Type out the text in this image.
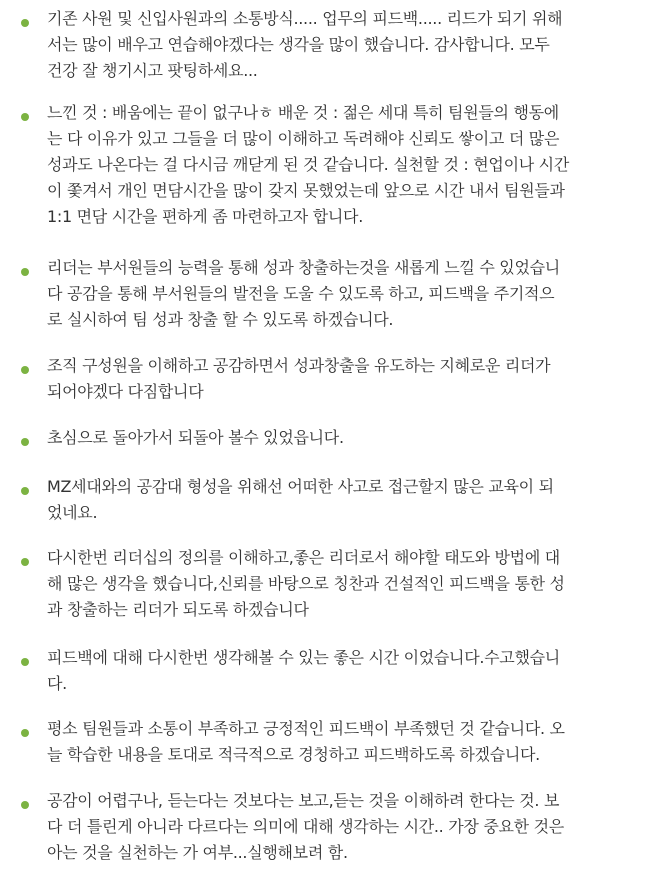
기존 사원 및 신입사원과의 소통방식..... 업무의 피드백..... 리드가 되기 위해
서는 많이 배우고 연습해야겠다는 생각을 많이 했습니다. 감사합니다. 모두
건강 잘 챙기시고 팟팅하세요...

느낀 것 : 배움에는 끝이 없구나ㅎ 배운 것 : 젊은 세대 특히 팀원들의 행동에
는 다 이유가 있고 그들을 더 많이 이해하고 독려해야 신뢰도 쌓이고 더 많은
성과도 나온다는 걸 다시금 깨닫게 된 것 같습니다. 실천할 것 : 현업이나 시간
이 쫓겨서 개인 면담시간을 많이 갖지 못했었는데 앞으로 시간 내서 팀원들과
1:1 면담 시간을 편하게 좀 마련하고자 합니다.

리더는 부서원들의 능력을 통해 성과 창출하는것을 새롭게 느낄 수 있었습니
다 공감을 통해 부서원들의 발전을 도울 수 있도록 하고, 피드백을 주기적으
로 실시하여 팀 성과 창출 할 수 있도록 하겠습니다.

조직 구성원을 이해하고 공감하면서 성과창출을 유도하는 지혜로운 리더가
되어야겠다 다짐합니다

초심으로 돌아가서 되돌아 볼수 있었읍니다.

MZ세대와의 공감대 형성을 위해선 어떠한 사고로 접근할지 많은 교육이 되
었네요.

다시한번 리더십의 정의를 이해하고,좋은 리더로서 해야할 태도와 방법에 대
해 많은 생각을 했습니다,신뢰를 바탕으로 칭찬과 건설적인 피드백을 통한 성
과 창출하는 리더가 되도록 하겠습니다

피드백에 대해 다시한번 생각해볼 수 있는 좋은 시간 이었습니다.수고했습니
다.

평소 팀원들과 소통이 부족하고 긍정적인 피드백이 부족했던 것 같습니다. 오
늘 학습한 내용을 토대로 적극적으로 경청하고 피드백하도록 하겠습니다.

공감이 어렵구나, 듣는다는 것보다는 보고,듣는 것을 이해하려 한다는 것. 보
다 더 틀린게 아니라 다르다는 의미에 대해 생각하는 시간.. 가장 중요한 것은
아는 것을 실천하는 가 여부...실행해보려 함.
